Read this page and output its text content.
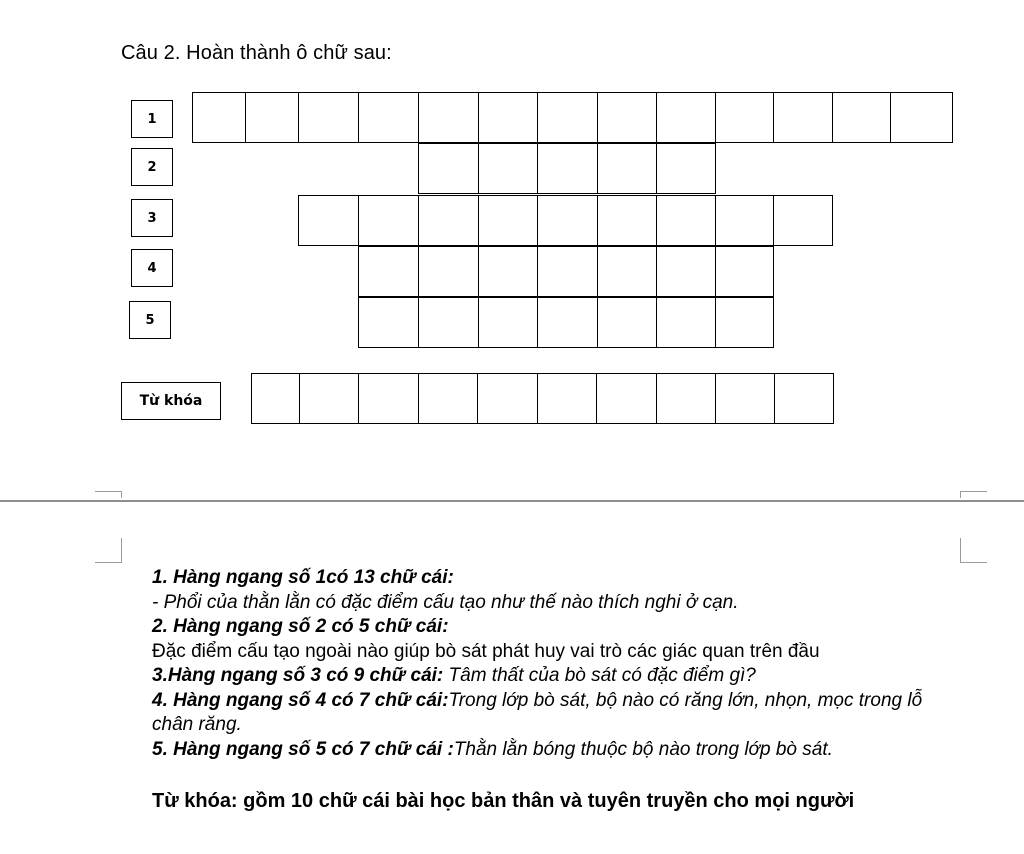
Câu 2. Hoàn thành ô chữ sau:
1
2
3
4
5
Từ khóa
1. Hàng ngang số 1có 13 chữ cái:
- Phổi của thằn lằn có đặc điểm cấu tạo như thế nào thích nghi ở cạn.
2. Hàng ngang số 2 có 5 chữ cái:
Đặc điểm cấu tạo ngoài nào giúp bò sát phát huy vai trò các giác quan trên đầu
3.Hàng ngang số 3 có 9 chữ cái: Tâm thất của bò sát có đặc điểm gì?
4. Hàng ngang số 4 có 7 chữ cái:Trong lớp bò sát, bộ nào có răng lớn, nhọn, mọc trong lỗ chân răng.
5. Hàng ngang số 5 có 7 chữ cái :Thằn lằn bóng thuộc bộ nào trong lớp bò sát.
Từ khóa: gồm 10 chữ cái bài học bản thân và tuyên truyền cho mọi người
